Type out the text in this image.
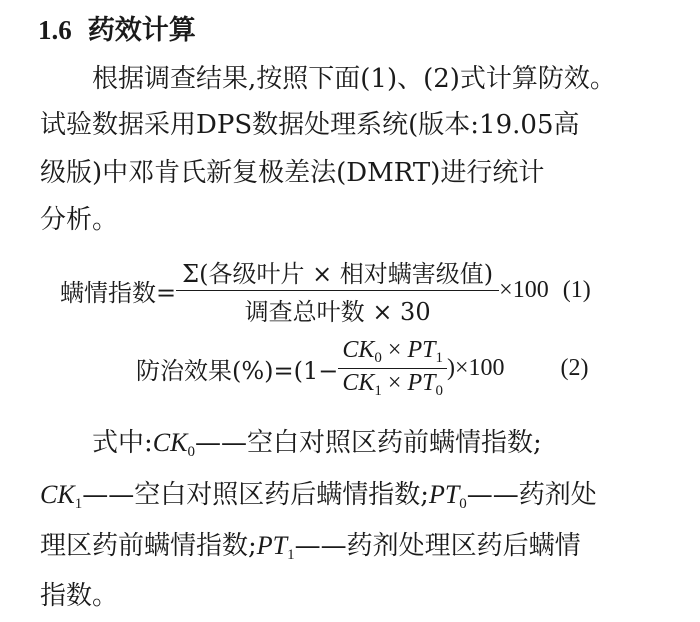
1.6 药效计算
根据调查结果,按照下面(1)、(2)式计算防效。
试验数据采用DPS数据处理系统(版本:19.05高
级版)中邓肯氏新复极差法(DMRT)进行统计
分析。
螨情指数= $\frac{\text{Σ(各级叶片 × 相对螨害级值)}}{\text{调查总叶数 × 30}} \times 100$ (1)
防治效果$(\%)=(1- \frac{CK_0 \times PT_1}{CK_1 \times PT_0} )\times 100$ (2)
式中$:CK_0——$空白对照区药前螨情指数;
$CK_1——$空白对照区药后螨情指数$;PT_0——$药剂处
理区药前螨情指数$;PT_1——$药剂处理区药后螨情
指数。
